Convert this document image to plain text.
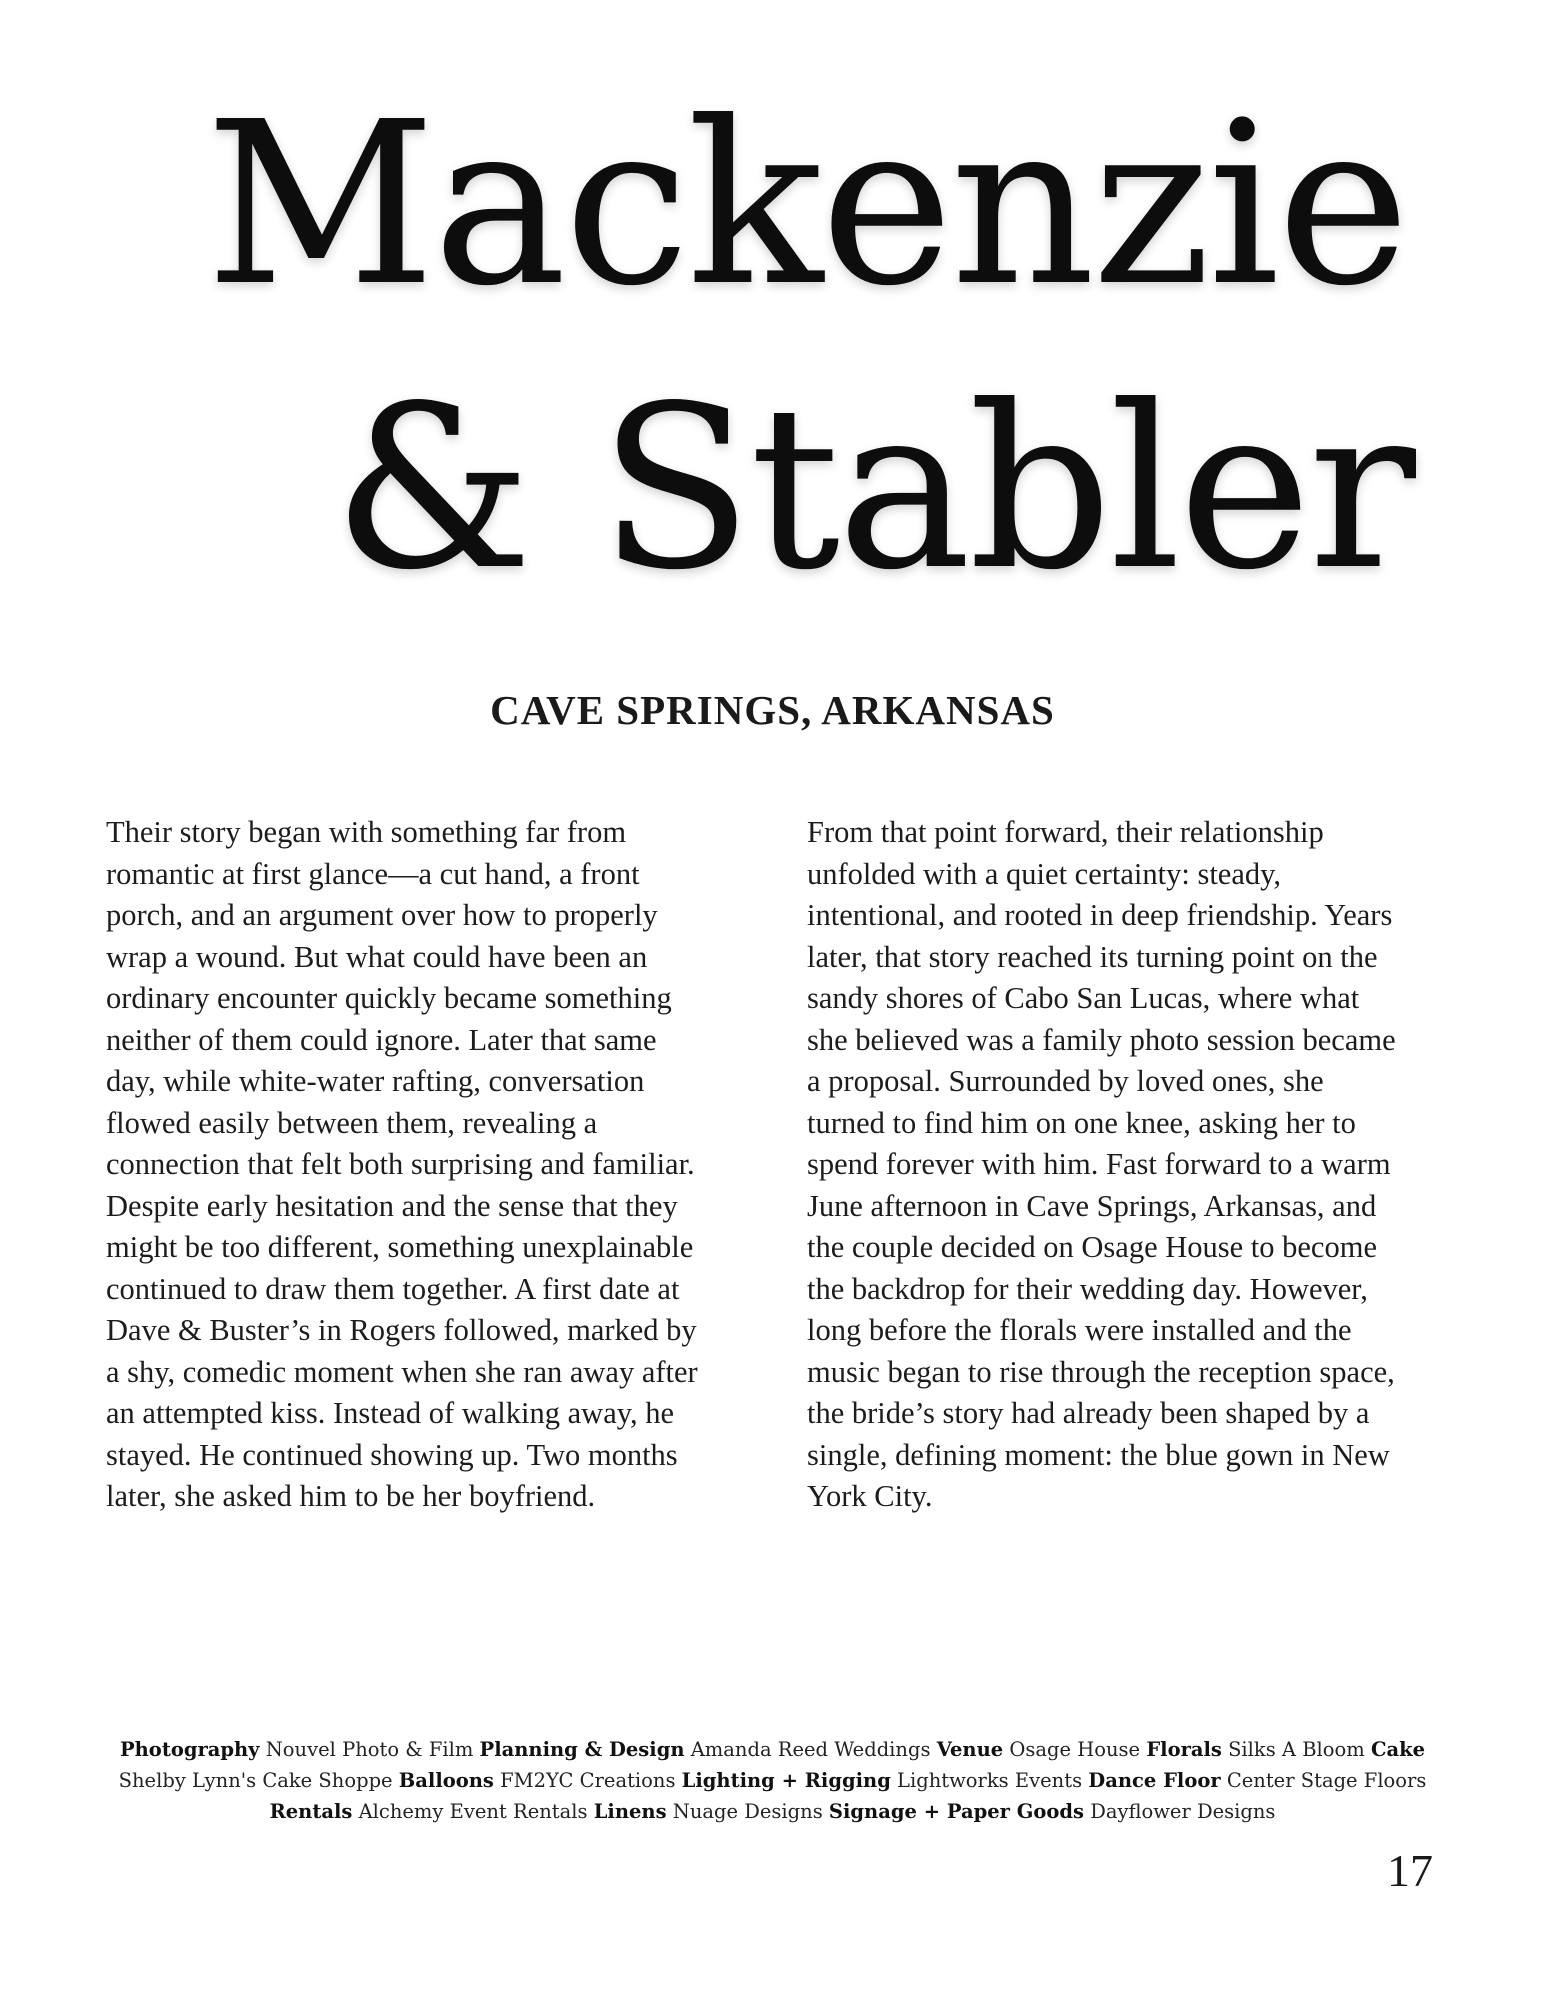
Mackenzie
& Stabler
CAVE SPRINGS, ARKANSAS

Their story began with something far from romantic at first glance—a cut hand, a front porch, and an argument over how to properly wrap a wound. But what could have been an ordinary encounter quickly became something neither of them could ignore. Later that same day, while white-water rafting, conversation flowed easily between them, revealing a connection that felt both surprising and familiar. Despite early hesitation and the sense that they might be too different, something unexplainable continued to draw them together. A first date at Dave & Buster’s in Rogers followed, marked by a shy, comedic moment when she ran away after an attempted kiss. Instead of walking away, he stayed. He continued showing up. Two months later, she asked him to be her boyfriend.

From that point forward, their relationship unfolded with a quiet certainty: steady, intentional, and rooted in deep friendship. Years later, that story reached its turning point on the sandy shores of Cabo San Lucas, where what she believed was a family photo session became a proposal. Surrounded by loved ones, she turned to find him on one knee, asking her to spend forever with him. Fast forward to a warm June afternoon in Cave Springs, Arkansas, and the couple decided on Osage House to become the backdrop for their wedding day. However, long before the florals were installed and the music began to rise through the reception space, the bride’s story had already been shaped by a single, defining moment: the blue gown in New York City.

Photography Nouvel Photo & Film Planning & Design Amanda Reed Weddings Venue Osage House Florals Silks A Bloom Cake Shelby Lynn's Cake Shoppe Balloons FM2YC Creations Lighting + Rigging Lightworks Events Dance Floor Center Stage Floors Rentals Alchemy Event Rentals Linens Nuage Designs Signage + Paper Goods Dayflower Designs

17
